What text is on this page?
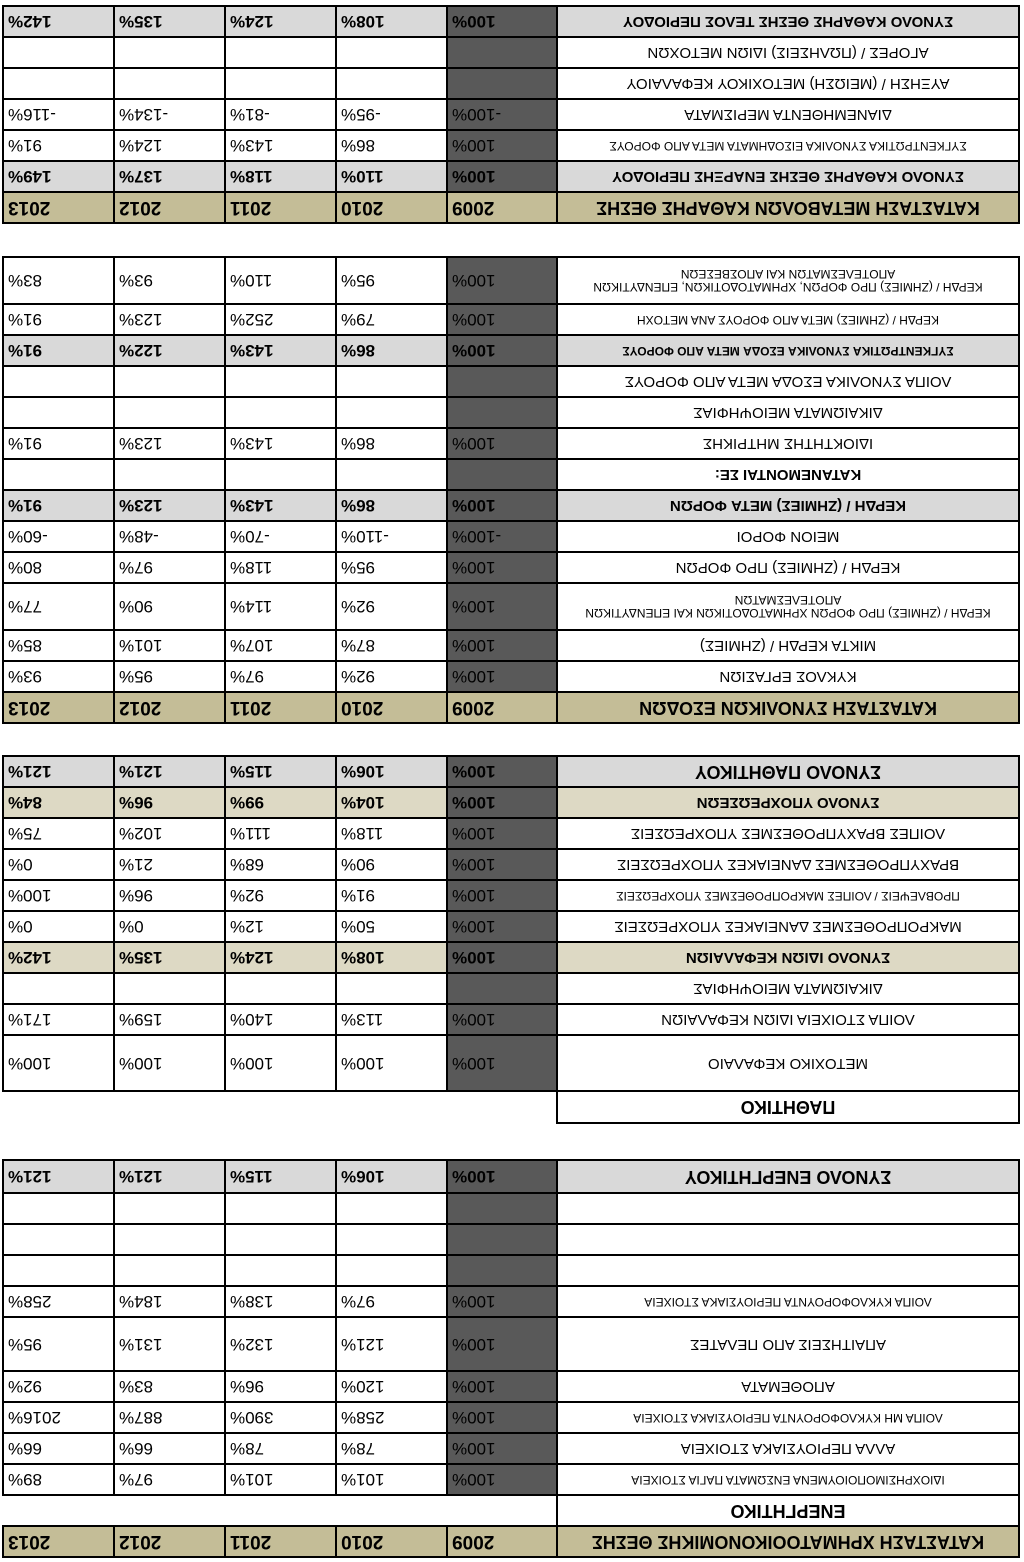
ΚΑΤΑΣΤΑΣΗ ΧΡΗΜΑΤΟΟΙΚΟΝΟΜΙΚΗΣ ΘΕΣΗΣ	2009	2010	2011	2012	2013
ΕΝΕΡΓΗΤΙΚΟ					
ΙΔΙΟΧΡΗΣΙΜΟΠΟΙΟΥΜΕΝΑ ΕΝΣΩΜΑΤΑ ΠΑΓΙΑ ΣΤΟΙΧΕΙΑ	100%	101%	101%	97%	89%
ΑΛΛΑ ΠΕΡΙΟΥΣΙΑΚΑ ΣΤΟΙΧΕΙΑ	100%	78%	78%	66%	66%
ΛΟΙΠΑ ΜΗ ΚΥΚΛΟΦΟΡΟΥΝΤΑ ΠΕΡΙΟΥΣΙΑΚΑ ΣΤΟΙΧΕΙΑ	100%	258%	390%	887%	2016%
ΑΠΟΘΕΜΑΤΑ	100%	120%	96%	83%	92%
ΑΠΑΙΤΗΣΕΙΣ ΑΠΟ ΠΕΛΑΤΕΣ	100%	121%	132%	131%	95%
ΛΟΙΠΑ ΚΥΚΛΟΦΟΡΟΥΝΤΑ ΠΕΡΙΟΥΣΙΑΚΑ ΣΤΟΙΧΕΙΑ	100%	97%	138%	184%	258%

ΣΥΝΟΛΟ ΕΝΕΡΓΗΤΙΚΟΥ	100%	106%	115%	121%	121%
ΠΑΘΗΤΙΚΟ					
ΜΕΤΟΧΙΚΟ ΚΕΦΑΛΑΙΟ	100%	100%	100%	100%	100%
ΛΟΙΠΑ ΣΤΟΙΧΕΙΑ ΙΔΙΩΝ ΚΕΦΑΛΑΙΩΝ	100%	113%	140%	159%	171%
ΔΙΚΑΙΩΜΑΤΑ ΜΕΙΟΨΗΦΙΑΣ					
ΣΥΝΟΛΟ ΙΔΙΩΝ ΚΕΦΑΛΑΙΩΝ	100%	108%	124%	135%	142%
ΜΑΚΡΟΠΡΟΘΕΣΜΕΣ ΔΑΝΕΙΑΚΕΣ ΥΠΟΧΡΕΩΣΕΙΣ	100%	50%	12%	0%	0%
ΠΡΟΒΛΕΨΕΙΣ / ΛΟΙΠΕΣ ΜΑΚΡΟΠΡΟΘΕΣΜΕΣ ΥΠΟΧΡΕΩΣΕΙΣ	100%	91%	92%	96%	100%
ΒΡΑΧΥΠΡΟΘΕΣΜΕΣ ΔΑΝΕΙΑΚΕΣ ΥΠΟΧΡΕΩΣΕΙΣ	100%	90%	68%	21%	0%
ΛΟΙΠΕΣ ΒΡΑΧΥΠΡΟΘΕΣΜΕΣ ΥΠΟΧΡΕΩΣΕΙΣ	100%	118%	111%	102%	75%
ΣΥΝΟΛΟ ΥΠΟΧΡΕΩΣΕΩΝ	100%	104%	99%	96%	84%
ΣΥΝΟΛΟ ΠΑΘΗΤΙΚΟΥ	100%	106%	115%	121%	121%
ΚΑΤΑΣΤΑΣΗ ΣΥΝΟΛΙΚΩΝ ΕΣΟΔΩΝ	2009	2010	2011	2012	2013
ΚΥΚΛΟΣ ΕΡΓΑΣΙΩΝ	100%	92%	97%	95%	93%
ΜΙΚΤΑ ΚΕΡΔΗ / (ΖΗΜΙΕΣ)	100%	87%	107%	101%	85%
ΚΕΡΔΗ / (ΖΗΜΙΕΣ) ΠΡΟ ΦΟΡΩΝ ΧΡΗΜΑΤΟΔΟΤΙΚΩΝ ΚΑΙ ΕΠΕΝΔΥΤΙΚΩΝ ΑΠΟΤΕΛΕΣΜΑΤΩΝ	100%	92%	114%	90%	77%
ΚΕΡΔΗ / (ΖΗΜΙΕΣ) ΠΡΟ ΦΟΡΩΝ	100%	95%	118%	97%	80%
ΜΕΙΟΝ ΦΟΡΟΙ	-100%	-110%	-70%	-48%	-60%
ΚΕΡΔΗ / (ΖΗΜΙΕΣ) ΜΕΤΑ ΦΟΡΩΝ	100%	86%	143%	123%	91%
ΚΑΤΑΝΕΜΟΝΤΑΙ ΣΕ:					
ΙΔΙΟΚΤΗΤΗΣ ΜΗΤΡΙΚΗΣ	100%	86%	143%	123%	91%
ΔΙΚΑΙΩΜΑΤΑ ΜΕΙΟΨΗΦΙΑΣ					
ΛΟΙΠΑ ΣΥΝΟΛΙΚΑ ΕΣΟΔΑ ΜΕΤΑ ΑΠΟ ΦΟΡΟΥΣ					
ΣΥΓΚΕΝΤΡΩΤΙΚΑ ΣΥΝΟΛΙΚΑ ΕΣΟΔΑ ΜΕΤΑ ΑΠΟ ΦΟΡΟΥΣ	100%	86%	143%	122%	91%
ΚΕΡΔΗ / (ΖΗΜΙΕΣ) ΜΕΤΑ ΑΠΟ ΦΟΡΟΥΣ ΑΝΑ ΜΕΤΟΧΗ	100%	79%	252%	123%	91%
ΚΕΡΔΗ / (ΖΗΜΙΕΣ) ΠΡΟ ΦΟΡΩΝ, ΧΡΗΜΑΤΟΔΟΤΙΚΩΝ, ΕΠΕΝΔΥΤΙΚΩΝ ΑΠΟΤΕΛΕΣΜΑΤΩΝ ΚΑΙ ΑΠΟΣΒΕΣΕΩΝ	100%	95%	110%	93%	83%
ΚΑΤΑΣΤΑΣΗ ΜΕΤΑΒΟΛΩΝ ΚΑΘΑΡΗΣ ΘΕΣΗΣ	2009	2010	2011	2012	2013
ΣΥΝΟΛΟ ΚΑΘΑΡΗΣ ΘΕΣΗΣ ΕΝΑΡΞΗΣ ΠΕΡΙΟΔΟΥ	100%	110%	118%	137%	149%
ΣΥΓΚΕΝΤΡΩΤΙΚΑ ΣΥΝΟΛΙΚΑ ΕΙΣΟΔΗΜΑΤΑ ΜΕΤΑ ΑΠΟ ΦΟΡΟΥΣ	100%	86%	143%	124%	91%
ΔΙΑΝΕΜΗΘΕΝΤΑ ΜΕΡΙΣΜΑΤΑ	-100%	-95%	-81%	-134%	-116%
ΑΥΞΗΣΗ / (ΜΕΙΩΣΗ) ΜΕΤΟΧΙΚΟΥ ΚΕΦΑΛΑΙΟΥ					
ΑΓΟΡΕΣ / (ΠΩΛΗΣΕΙΣ) ΙΔΙΩΝ ΜΕΤΟΧΩΝ					
ΣΥΝΟΛΟ ΚΑΘΑΡΗΣ ΘΕΣΗΣ ΤΕΛΟΣ ΠΕΡΙΟΔΟΥ	100%	108%	124%	135%	142%
